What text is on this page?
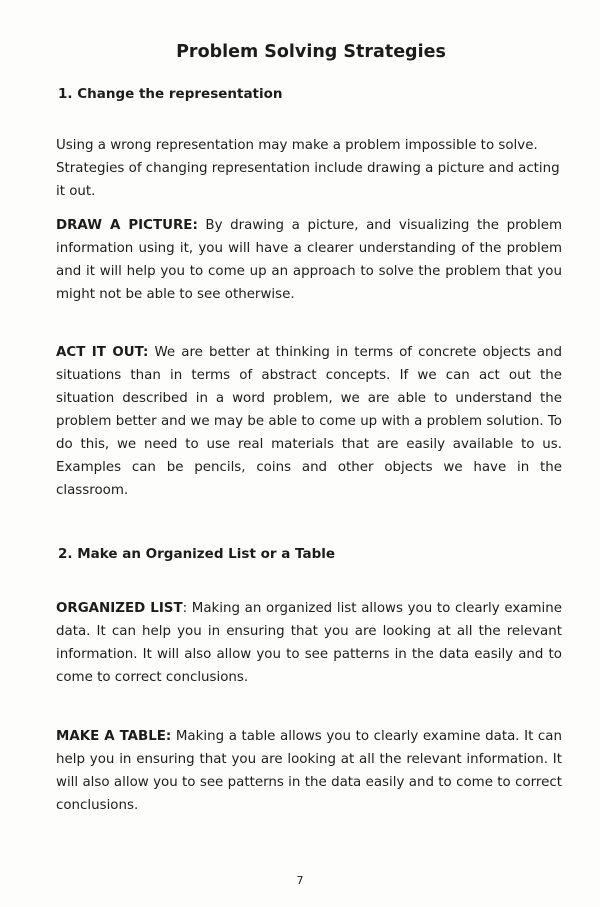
Problem Solving Strategies
1. Change the representation

Using a wrong representation may make a problem impossible to solve. Strategies of changing representation include drawing a picture and acting it out.

DRAW A PICTURE: By drawing a picture, and visualizing the problem information using it, you will have a clearer understanding of the problem and it will help you to come up an approach to solve the problem that you might not be able to see otherwise.

ACT IT OUT: We are better at thinking in terms of concrete objects and situations than in terms of abstract concepts. If we can act out the situation described in a word problem, we are able to understand the problem better and we may be able to come up with a problem solution. To do this, we need to use real materials that are easily available to us. Examples can be pencils, coins and other objects we have in the classroom.

2. Make an Organized List or a Table

ORGANIZED LIST: Making an organized list allows you to clearly examine data. It can help you in ensuring that you are looking at all the relevant information. It will also allow you to see patterns in the data easily and to come to correct conclusions.

MAKE A TABLE: Making a table allows you to clearly examine data. It can help you in ensuring that you are looking at all the relevant information. It will also allow you to see patterns in the data easily and to come to correct conclusions.

7
